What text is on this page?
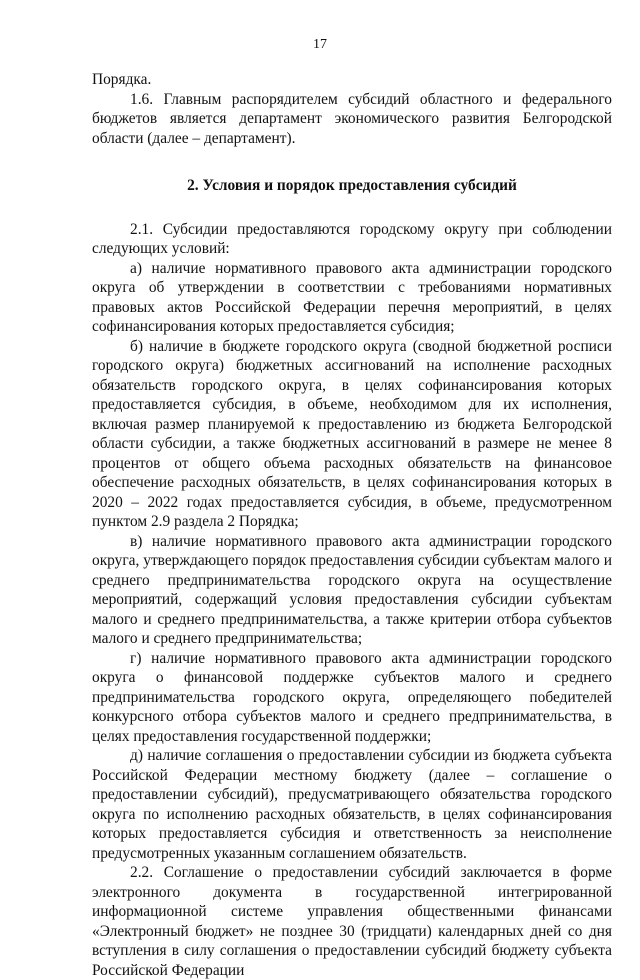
17

Порядка.

1.6. Главным распорядителем субсидий областного и федерального бюджетов является департамент экономического развития Белгородской области (далее – департамент).

2. Условия и порядок предоставления субсидий

2.1. Субсидии предоставляются городскому округу при соблюдении следующих условий:

а) наличие нормативного правового акта администрации городского округа об утверждении в соответствии с требованиями нормативных правовых актов Российской Федерации перечня мероприятий, в целях софинансирования которых предоставляется субсидия;

б) наличие в бюджете городского округа (сводной бюджетной росписи городского округа) бюджетных ассигнований на исполнение расходных обязательств городского округа, в целях софинансирования которых предоставляется субсидия, в объеме, необходимом для их исполнения, включая размер планируемой к предоставлению из бюджета Белгородской области субсидии, а также бюджетных ассигнований в размере не менее 8 процентов от общего объема расходных обязательств на финансовое обеспечение расходных обязательств, в целях софинансирования которых в 2020 – 2022 годах предоставляется субсидия, в объеме, предусмотренном пунктом 2.9 раздела 2 Порядка;

в) наличие нормативного правового акта администрации городского округа, утверждающего порядок предоставления субсидии субъектам малого и среднего предпринимательства городского округа на осуществление мероприятий, содержащий условия предоставления субсидии субъектам малого и среднего предпринимательства, а также критерии отбора субъектов малого и среднего предпринимательства;

г) наличие нормативного правового акта администрации городского округа о финансовой поддержке субъектов малого и среднего предпринимательства городского округа, определяющего победителей конкурсного отбора субъектов малого и среднего предпринимательства, в целях предоставления государственной поддержки;

д) наличие соглашения о предоставлении субсидии из бюджета субъекта Российской Федерации местному бюджету (далее – соглашение о предоставлении субсидий), предусматривающего обязательства городского округа по исполнению расходных обязательств, в целях софинансирования которых предоставляется субсидия и ответственность за неисполнение предусмотренных указанным соглашением обязательств.

2.2. Соглашение о предоставлении субсидий заключается в форме электронного документа в государственной интегрированной информационной системе управления общественными финансами «Электронный бюджет» не позднее 30 (тридцати) календарных дней со дня вступления в силу соглашения о предоставлении субсидий бюджету субъекта Российской Федерации
